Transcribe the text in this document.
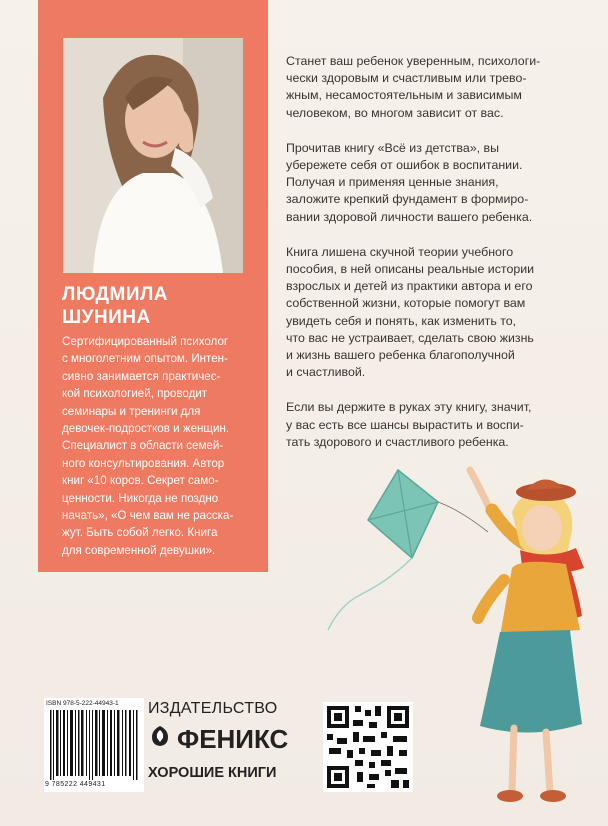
ЛЮДМИЛА
ШУНИНА
Сертифицированный психолог
с многолетним опытом. Интен-
сивно занимается практичес-
кой психологией, проводит
семинары и тренинги для
девочек-подростков и женщин.
Специалист в области семей-
ного консультирования. Автор
книг «10 коров. Секрет само-
ценности. Никогда не поздно
начать», «О чем вам не расска-
жут. Быть собой легко. Книга
для современной девушки».

Станет ваш ребенок уверенным, психологи-
чески здоровым и счастливым или трево-
жным, несамостоятельным и зависимым
человеком, во многом зависит от вас.

Прочитав книгу «Всё из детства», вы
убережете себя от ошибок в воспитании.
Получая и применяя ценные знания,
заложите крепкий фундамент в формиро-
вании здоровой личности вашего ребенка.

Книга лишена скучной теории учебного
пособия, в ней описаны реальные истории
взрослых и детей из практики автора и его
собственной жизни, которые помогут вам
увидеть себя и понять, как изменить то,
что вас не устраивает, сделать свою жизнь
и жизнь вашего ребенка благополучной
и счастливой.

Если вы держите в руках эту книгу, значит,
у вас есть все шансы вырастить и воспи-
тать здорового и счастливого ребенка.

ISBN 978-5-222-44943-1
9 785222 449431
ИЗДАТЕЛЬСТВО
ФЕНИКС
ХОРОШИЕ КНИГИ
